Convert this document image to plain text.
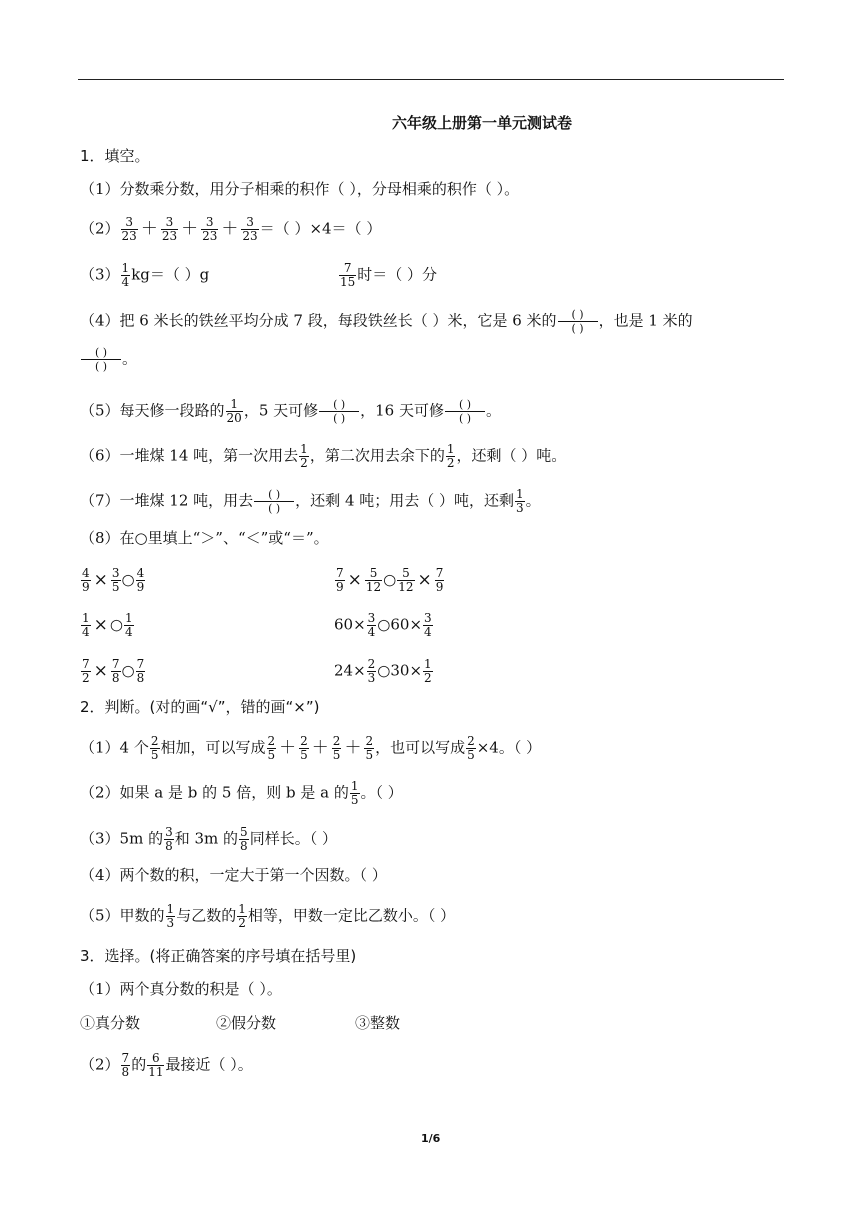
六年级上册第一单元测试卷
1．填空。
（1）分数乘分数，用分子相乘的积作（ ），分母相乘的积作（ ）。
$(2) \frac{3}{23} + \frac{3}{23} + \frac{3}{23} + \frac{3}{23}$ ＝（ ）×4＝（ ）
$(3) \frac{1}{4} kg=$（ ）g	$\frac{7}{15}$ 时＝（ ）分
（4）把 6 米长的铁丝平均分成 7 段，每段铁丝长（ ）米，它是 6 米的 $\frac{( )}{( )}$ ，也是 1 米的
$\frac{( )}{( )}$ 。
（5）每天修一段路的 $\frac{1}{20}$ ，5 天可修 $\frac{( )}{( )}$ ，16 天可修 $\frac{( )}{( )}$ 。
（6）一堆煤 14 吨，第一次用去 $\frac{1}{2}$ ，第二次用去余下的 $\frac{1}{2}$ ，还剩（ ）吨。
（7）一堆煤 12 吨，用去 $\frac{( )}{( )}$ ，还剩 4 吨；用去（ ）吨，还剩 $\frac{1}{3}$ 。
（8）在○里填上“＞”、“＜”或“＝”。
$\frac{4}{9} \times \frac{3}{5}$ ○ $\frac{4}{9}$	$\frac{7}{9} \times \frac{5}{12}$ ○ $\frac{5}{12} \times \frac{7}{9}$
$\frac{1}{4}$ × ○ $\frac{1}{4}$	$60\times \frac{3}{4}$ ○60× $\frac{3}{4}$
$\frac{7}{2} \times \frac{7}{8}$ ○ $\frac{7}{8}$	$24\times \frac{2}{3}$ ○30× $\frac{1}{2}$
2．判断。(对的画“√”，错的画“×”)
（1）4 个 $\frac{2}{5}$ 相加，可以写成 $\frac{2}{5} + \frac{2}{5} + \frac{2}{5} + \frac{2}{5}$ ，也可以写成 $\frac{2}{5} \times 4$。（ ）
（2）如果 a 是 b 的 5 倍，则 b 是 a 的 $\frac{1}{5}$ 。（ ）
（3）5m 的 $\frac{3}{8}$ 和 3m 的 $\frac{5}{8}$ 同样长。（ ）
（4）两个数的积，一定大于第一个因数。（ ）
（5）甲数的 $\frac{1}{3}$ 与乙数的 $\frac{1}{2}$ 相等，甲数一定比乙数小。（ ）
3．选择。(将正确答案的序号填在括号里)
（1）两个真分数的积是（ ）。
①真分数	②假分数	③整数
$(2) \frac{7}{8}$ 的 $\frac{6}{11}$ 最接近（ ）。
1/6
